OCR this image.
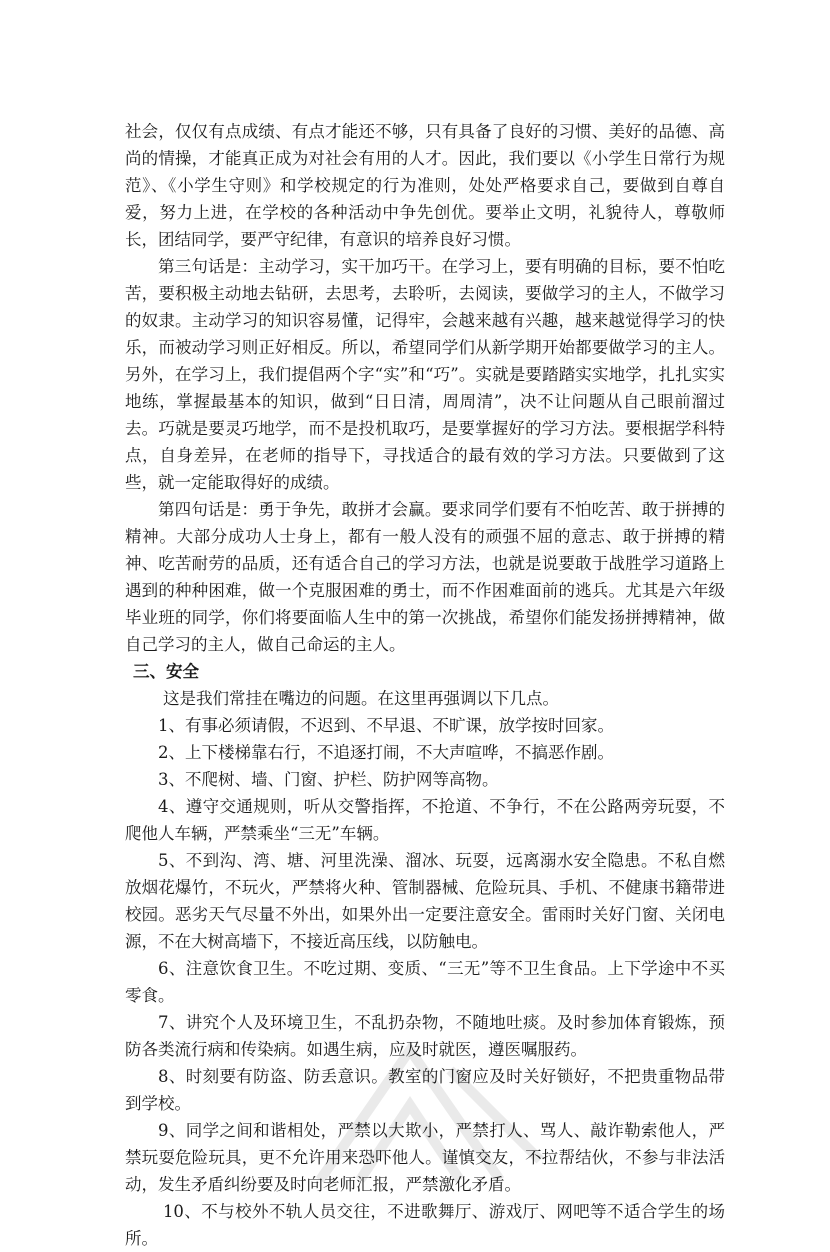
社会，仅仅有点成绩、有点才能还不够，只有具备了良好的习惯、美好的品德、高尚的情操，才能真正成为对社会有用的人才。因此，我们要以《小学生日常行为规范》、《小学生守则》和学校规定的行为准则，处处严格要求自己，要做到自尊自爱，努力上进，在学校的各种活动中争先创优。要举止文明，礼貌待人，尊敬师长，团结同学，要严守纪律，有意识的培养良好习惯。

第三句话是：主动学习，实干加巧干。在学习上，要有明确的目标，要不怕吃苦，要积极主动地去钻研，去思考，去聆听，去阅读，要做学习的主人，不做学习的奴隶。主动学习的知识容易懂，记得牢，会越来越有兴趣，越来越觉得学习的快乐，而被动学习则正好相反。所以，希望同学们从新学期开始都要做学习的主人。另外，在学习上，我们提倡两个字“实”和“巧”。实就是要踏踏实实地学，扎扎实实地练，掌握最基本的知识，做到“日日清，周周清”，决不让问题从自己眼前溜过去。巧就是要灵巧地学，而不是投机取巧，是要掌握好的学习方法。要根据学科特点，自身差异，在老师的指导下，寻找适合的最有效的学习方法。只要做到了这些，就一定能取得好的成绩。

第四句话是：勇于争先，敢拼才会赢。要求同学们要有不怕吃苦、敢于拼搏的精神。大部分成功人士身上，都有一般人没有的顽强不屈的意志、敢于拼搏的精神、吃苦耐劳的品质，还有适合自己的学习方法，也就是说要敢于战胜学习道路上遇到的种种困难，做一个克服困难的勇士，而不作困难面前的逃兵。尤其是六年级毕业班的同学，你们将要面临人生中的第一次挑战，希望你们能发扬拼搏精神，做自己学习的主人，做自己命运的主人。

三、安全

这是我们常挂在嘴边的问题。在这里再强调以下几点。

1、有事必须请假，不迟到、不早退、不旷课，放学按时回家。

2、上下楼梯靠右行，不追逐打闹，不大声喧哗，不搞恶作剧。

3、不爬树、墙、门窗、护栏、防护网等高物。

4、遵守交通规则，听从交警指挥，不抢道、不争行，不在公路两旁玩耍，不爬他人车辆，严禁乘坐“三无”车辆。

5、不到沟、湾、塘、河里洗澡、溜冰、玩耍，远离溺水安全隐患。不私自燃放烟花爆竹，不玩火，严禁将火种、管制器械、危险玩具、手机、不健康书籍带进校园。恶劣天气尽量不外出，如果外出一定要注意安全。雷雨时关好门窗、关闭电源，不在大树高墙下，不接近高压线，以防触电。

6、注意饮食卫生。不吃过期、变质、“三无”等不卫生食品。上下学途中不买零食。

7、讲究个人及环境卫生，不乱扔杂物，不随地吐痰。及时参加体育锻炼，预防各类流行病和传染病。如遇生病，应及时就医，遵医嘱服药。

8、时刻要有防盗、防丢意识。教室的门窗应及时关好锁好，不把贵重物品带到学校。

9、同学之间和谐相处，严禁以大欺小，严禁打人、骂人、敲诈勒索他人，严禁玩耍危险玩具，更不允许用来恐吓他人。谨慎交友，不拉帮结伙，不参与非法活动，发生矛盾纠纷要及时向老师汇报，严禁激化矛盾。

10、不与校外不轨人员交往，不进歌舞厅、游戏厅、网吧等不适合学生的场所。
